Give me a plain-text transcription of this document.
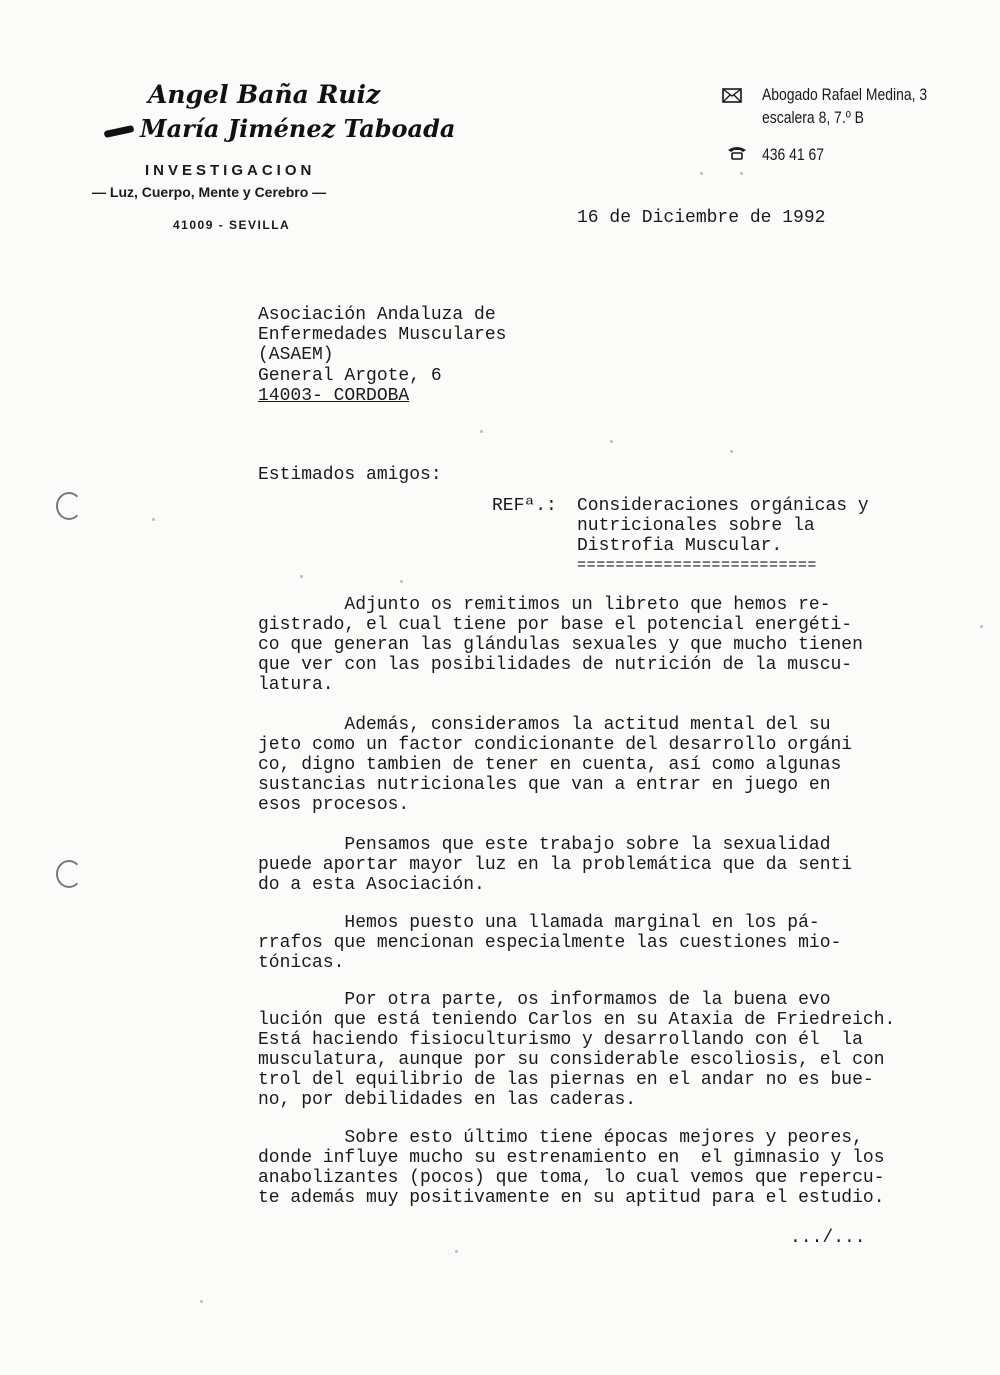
Angel Baña Ruiz
María Jiménez Taboada
INVESTIGACION
— Luz, Cuerpo, Mente y Cerebro —
41009 - SEVILLA
Abogado Rafael Medina, 3
escalera 8, 7.º B
436 41 67
16 de Diciembre de 1992
Asociación Andaluza de
Enfermedades Musculares
(ASAEM)
General Argote, 6
14003- CORDOBA
Estimados amigos:
REFª.: Consideraciones orgánicas y
nutricionales sobre la
Distrofia Muscular.
=========================
Adjunto os remitimos un libreto que hemos re-
gistrado, el cual tiene por base el potencial energéti-
co que generan las glándulas sexuales y que mucho tienen
que ver con las posibilidades de nutrición de la muscu-
latura.
Además, consideramos la actitud mental del su
jeto como un factor condicionante del desarrollo orgáni
co, digno tambien de tener en cuenta, así como algunas
sustancias nutricionales que van a entrar en juego en
esos procesos.
Pensamos que este trabajo sobre la sexualidad
puede aportar mayor luz en la problemática que da senti
do a esta Asociación.
Hemos puesto una llamada marginal en los pá-
rrafos que mencionan especialmente las cuestiones mio-
tónicas.
Por otra parte, os informamos de la buena evo
lución que está teniendo Carlos en su Ataxia de Friedreich.
Está haciendo fisioculturismo y desarrollando con él  la
musculatura, aunque por su considerable escoliosis, el con
trol del equilibrio de las piernas en el andar no es bue-
no, por debilidades en las caderas.
Sobre esto último tiene épocas mejores y peores,
donde influye mucho su estrenamiento en  el gimnasio y los
anabolizantes (pocos) que toma, lo cual vemos que repercu-
te además muy positivamente en su aptitud para el estudio.
.../...
